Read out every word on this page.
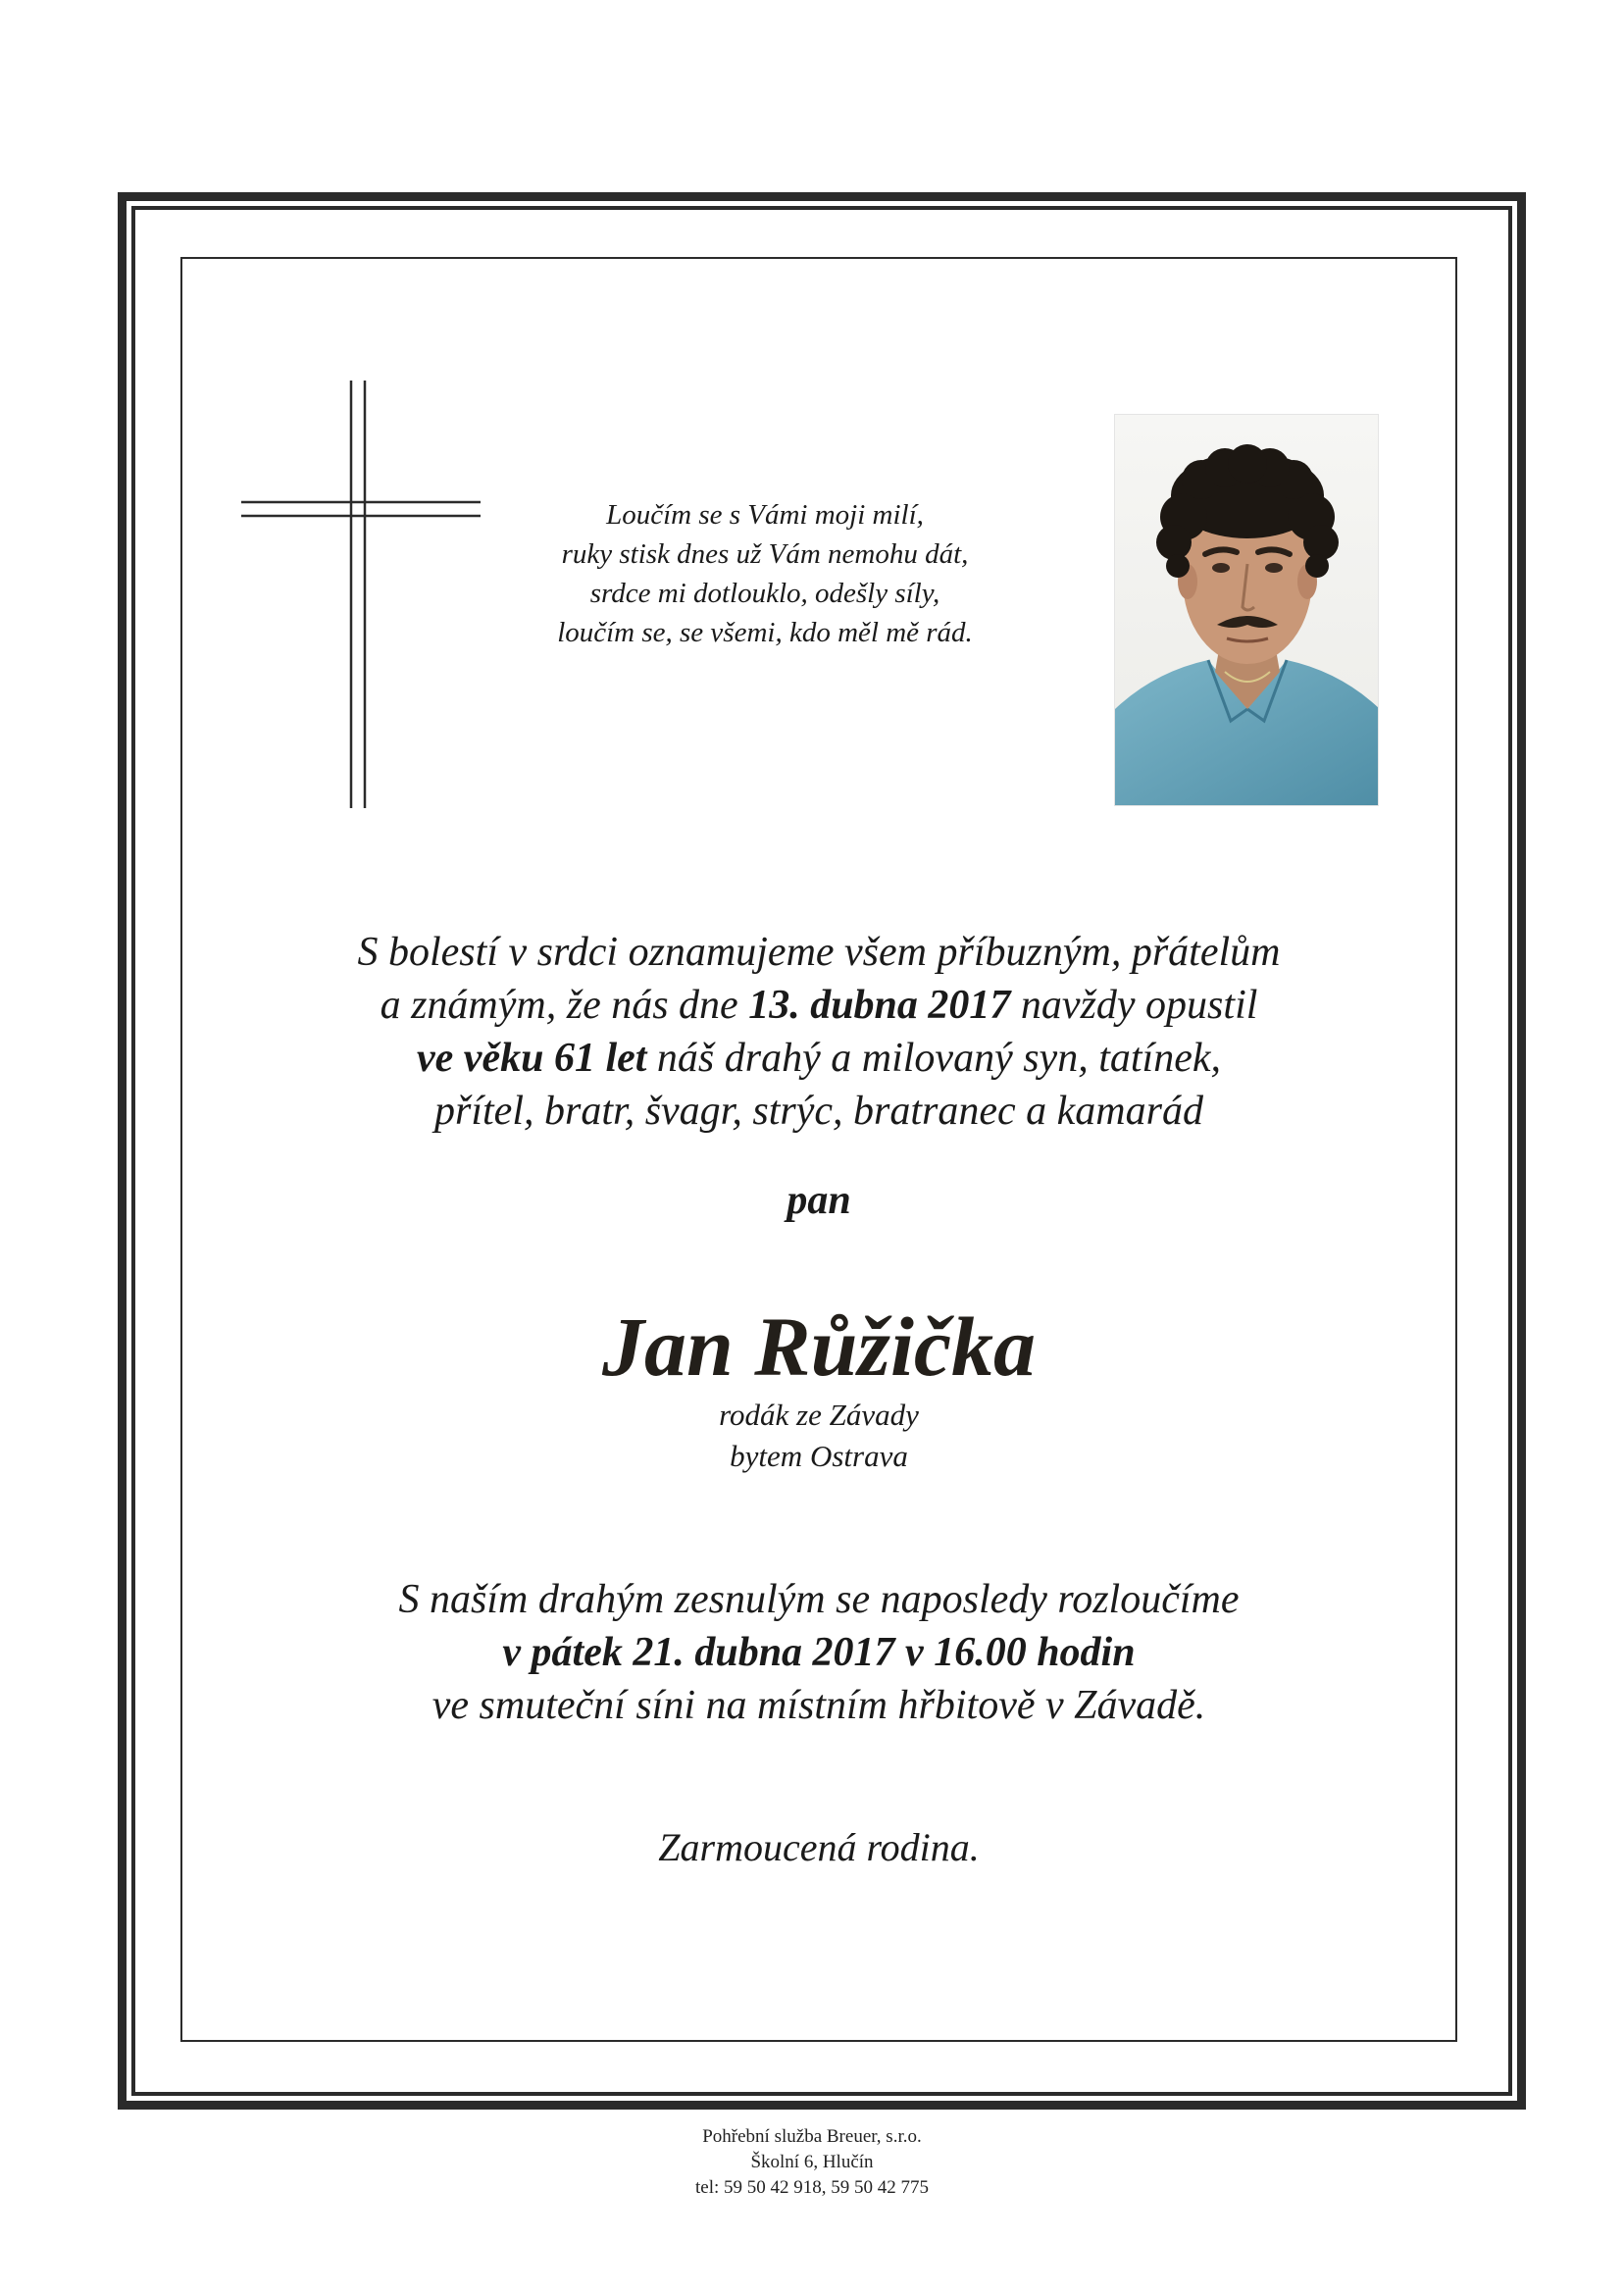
Loučím se s Vámi moji milí,
ruky stisk dnes už Vám nemohu dát,
srdce mi dotlouklo, odešly síly,
loučím se, se všemi, kdo měl mě rád.
S bolestí v srdci oznamujeme všem příbuzným, přátelům
a známým, že nás dne 13. dubna 2017 navždy opustil
ve věku 61 let náš drahý a milovaný syn, tatínek,
přítel, bratr, švagr, strýc, bratranec a kamarád
pan
Jan Růžička
rodák ze Závady
bytem Ostrava
S naším drahým zesnulým se naposledy rozloučíme
v pátek 21. dubna 2017 v 16.00 hodin
ve smuteční síni na místním hřbitově v Závadě.
Zarmoucená rodina.
Pohřební služba Breuer, s.r.o.
Školní 6, Hlučín
tel: 59 50 42 918, 59 50 42 775
